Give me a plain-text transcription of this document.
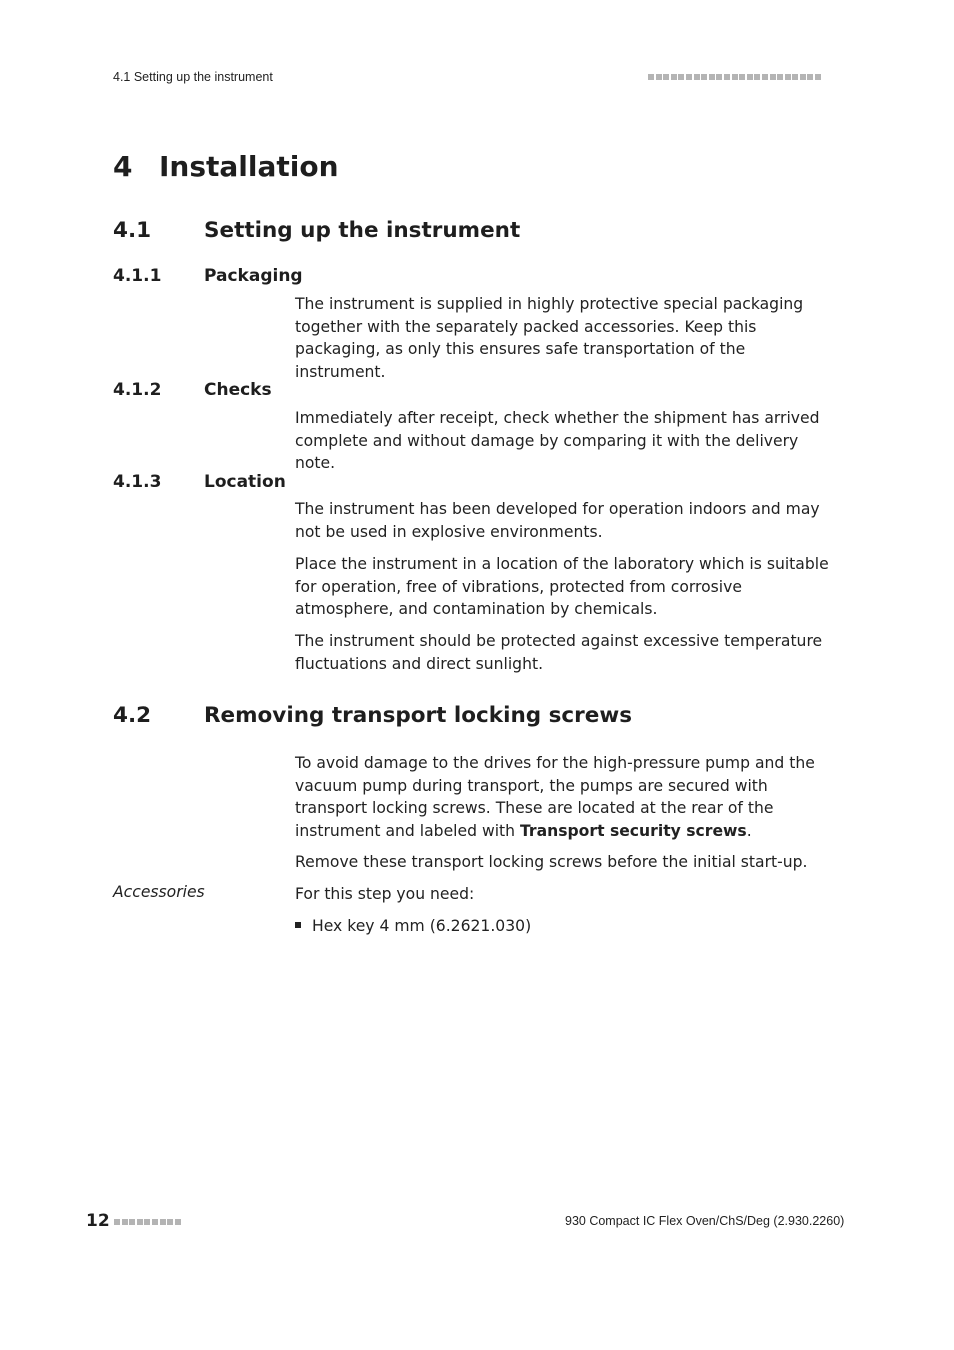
4.1 Setting up the instrument
4 Installation
4.1 Setting up the instrument
4.1.1	Packaging

The instrument is supplied in highly protective special packaging together with the separately packed accessories. Keep this packaging, as only this ensures safe transportation of the instrument.

4.1.2	Checks

Immediately after receipt, check whether the shipment has arrived complete and without damage by comparing it with the delivery note.

4.1.3	Location

The instrument has been developed for operation indoors and may not be used in explosive environments.

Place the instrument in a location of the laboratory which is suitable for operation, free of vibrations, protected from corrosive atmosphere, and contamination by chemicals.

The instrument should be protected against excessive temperature fluctuations and direct sunlight.

4.2 Removing transport locking screws

To avoid damage to the drives for the high-pressure pump and the vacuum pump during transport, the pumps are secured with transport locking screws. These are located at the rear of the instrument and labeled with Transport security screws.

Remove these transport locking screws before the initial start-up.

Accessories	For this step you need:

Hex key 4 mm (6.2621.030)
12	930 Compact IC Flex Oven/ChS/Deg (2.930.2260)
